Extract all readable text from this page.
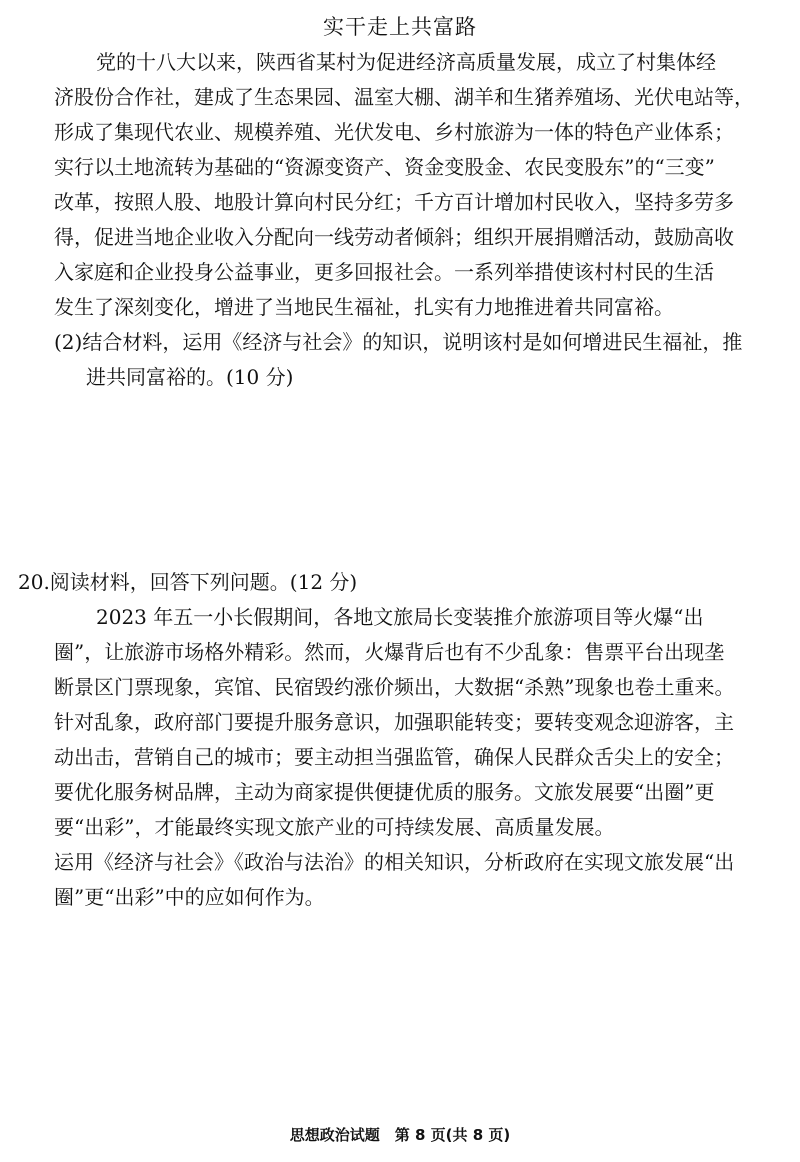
实干走上共富路
党的十八大以来，陕西省某村为促进经济高质量发展，成立了村集体经
济股份合作社，建成了生态果园、温室大棚、湖羊和生猪养殖场、光伏电站等，
形成了集现代农业、规模养殖、光伏发电、乡村旅游为一体的特色产业体系；
实行以土地流转为基础的“资源变资产、资金变股金、农民变股东”的“三变”
改革，按照人股、地股计算向村民分红；千方百计增加村民收入，坚持多劳多
得，促进当地企业收入分配向一线劳动者倾斜；组织开展捐赠活动，鼓励高收
入家庭和企业投身公益事业，更多回报社会。一系列举措使该村村民的生活
发生了深刻变化，增进了当地民生福祉，扎实有力地推进着共同富裕。
(2)结合材料，运用《经济与社会》的知识，说明该村是如何增进民生福祉，推
进共同富裕的。(10 分)
20.阅读材料，回答下列问题。(12 分)
2023 年五一小长假期间，各地文旅局长变装推介旅游项目等火爆“出
圈”，让旅游市场格外精彩。然而，火爆背后也有不少乱象：售票平台出现垄
断景区门票现象，宾馆、民宿毁约涨价频出，大数据“杀熟”现象也卷土重来。
针对乱象，政府部门要提升服务意识，加强职能转变；要转变观念迎游客，主
动出击，营销自己的城市；要主动担当强监管，确保人民群众舌尖上的安全；
要优化服务树品牌，主动为商家提供便捷优质的服务。文旅发展要“出圈”更
要“出彩”，才能最终实现文旅产业的可持续发展、高质量发展。
运用《经济与社会》《政治与法治》的相关知识，分析政府在实现文旅发展“出
圈”更“出彩”中的应如何作为。
思想政治试题　第 8 页(共 8 页)
